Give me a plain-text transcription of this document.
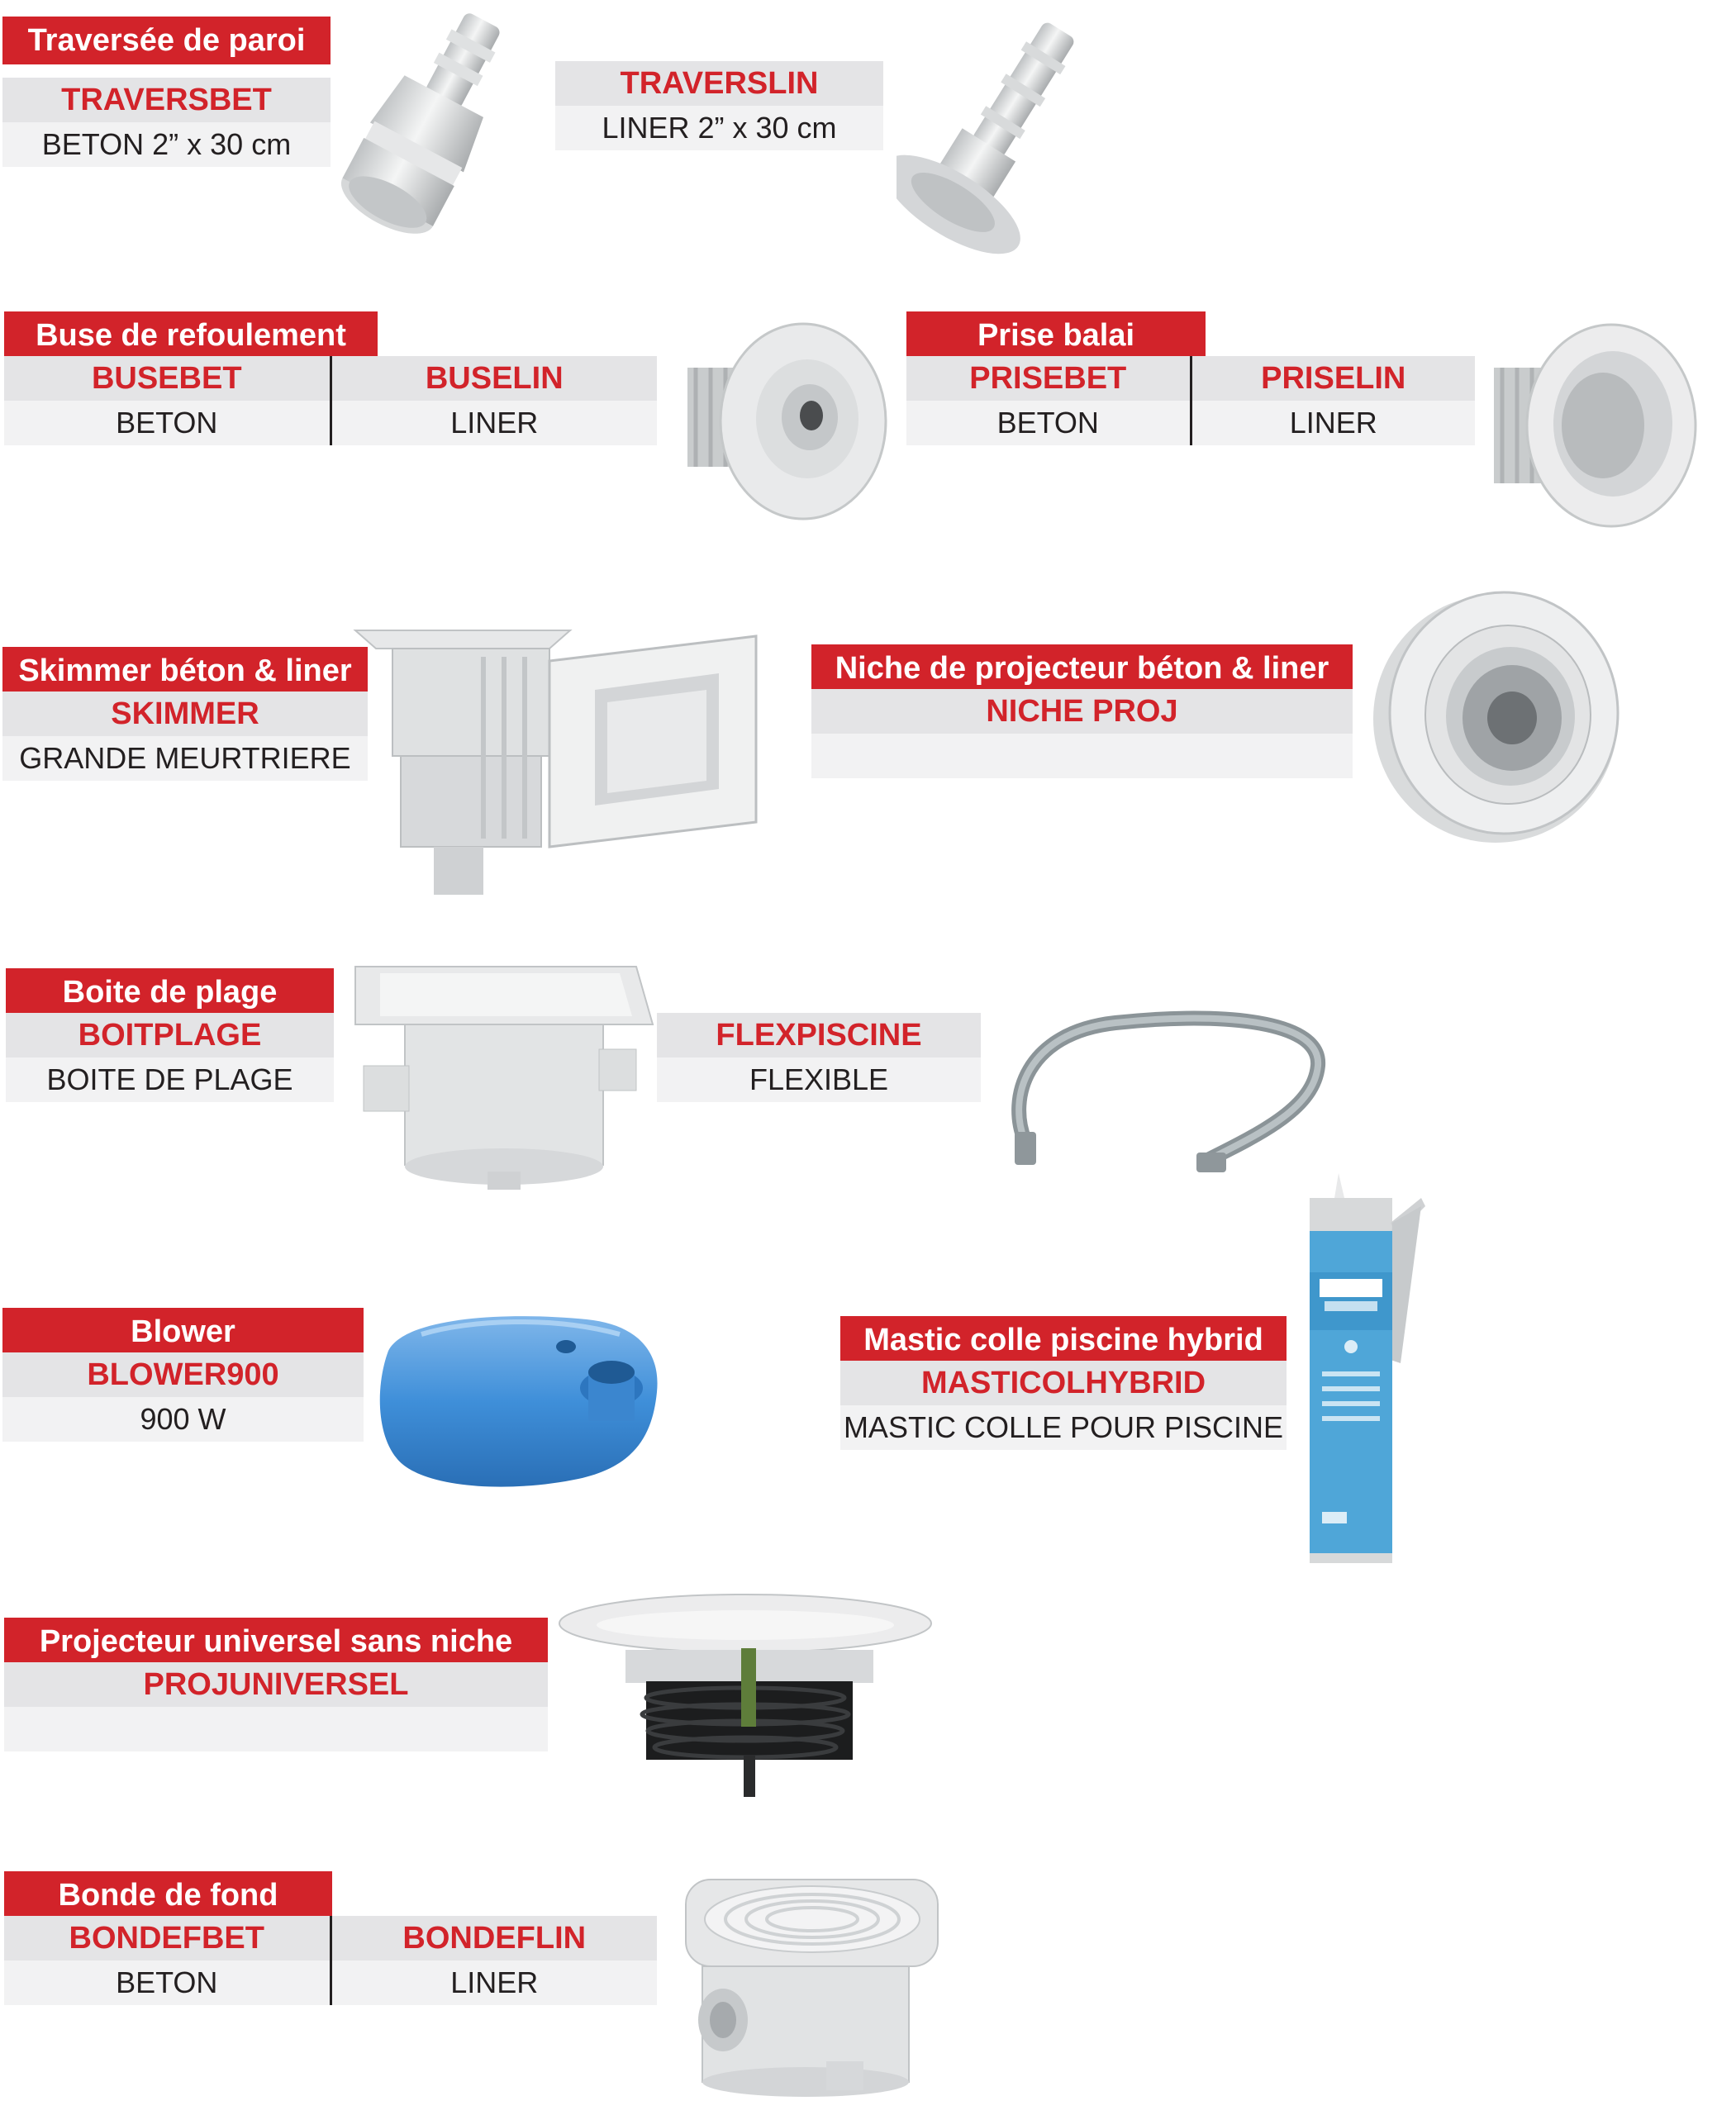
Traversée de paroi
TRAVERSBET
BETON 2” x 30 cm
TRAVERSLIN
LINER 2” x 30 cm
Buse de refoulement
BUSEBET
BETON
BUSELIN
LINER
Prise balai
PRISEBET
BETON
PRISELIN
LINER
Skimmer béton & liner
SKIMMER
GRANDE MEURTRIERE
Niche de projecteur béton & liner
NICHE PROJ
Boite de plage
BOITPLAGE
BOITE DE PLAGE
FLEXPISCINE
FLEXIBLE
Blower
BLOWER900
900 W
Mastic colle piscine hybrid
MASTICOLHYBRID
MASTIC COLLE POUR PISCINE
Projecteur universel sans niche
PROJUNIVERSEL
Bonde de fond
BONDEFBET
BETON
BONDEFLIN
LINER
